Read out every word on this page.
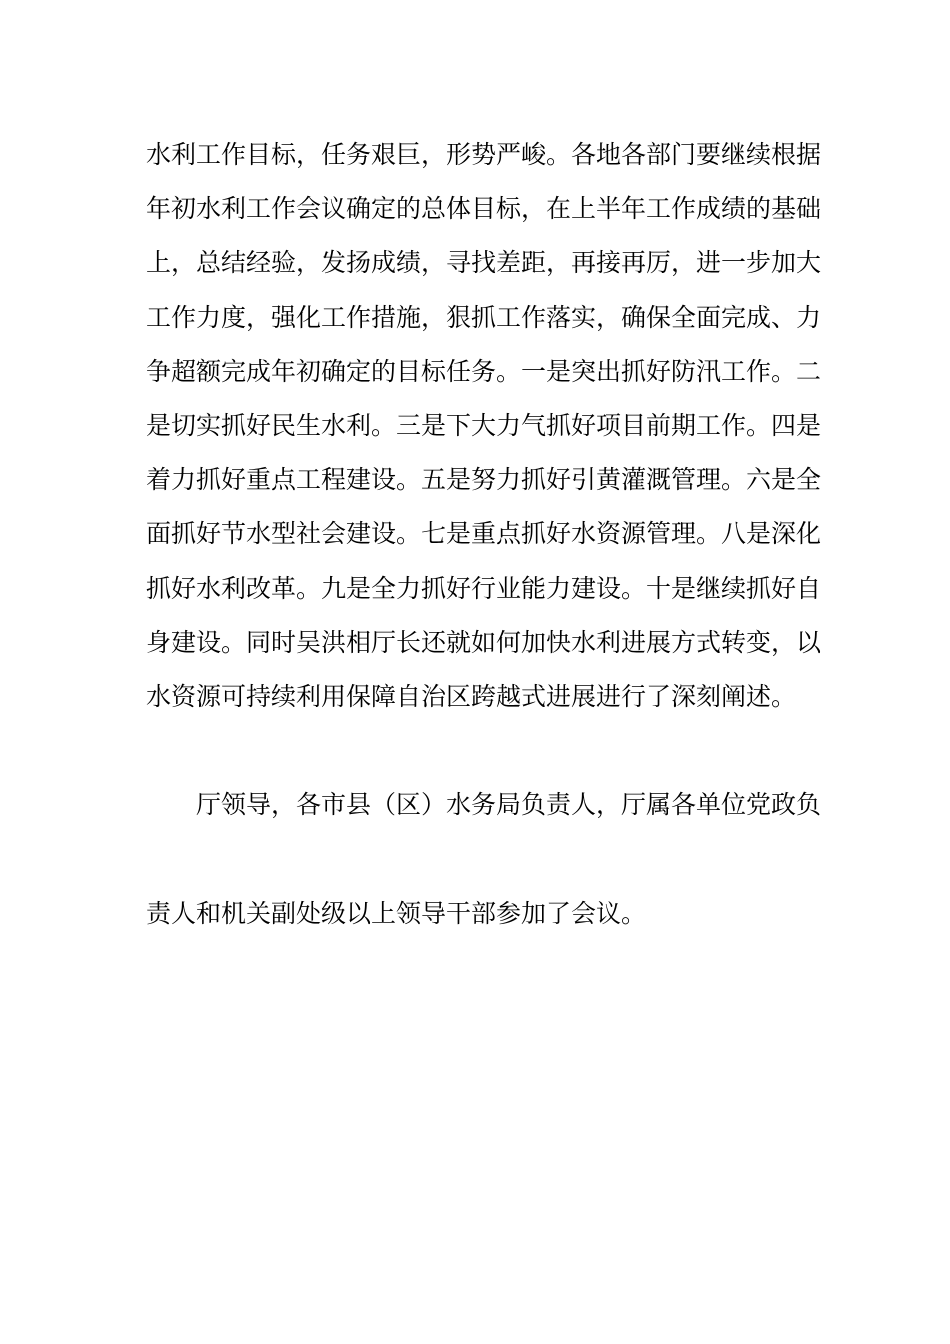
水利工作目标，任务艰巨，形势严峻。各地各部门要继续根据
年初水利工作会议确定的总体目标，在上半年工作成绩的基础
上，总结经验，发扬成绩，寻找差距，再接再厉，进一步加大
工作力度，强化工作措施，狠抓工作落实，确保全面完成、力
争超额完成年初确定的目标任务。一是突出抓好防汛工作。二
是切实抓好民生水利。三是下大力气抓好项目前期工作。四是
着力抓好重点工程建设。五是努力抓好引黄灌溉管理。六是全
面抓好节水型社会建设。七是重点抓好水资源管理。八是深化
抓好水利改革。九是全力抓好行业能力建设。十是继续抓好自
身建设。同时吴洪相厅长还就如何加快水利进展方式转变，以
水资源可持续利用保障自治区跨越式进展进行了深刻阐述。
厅领导，各市县（区）水务局负责人，厅属各单位党政负
责人和机关副处级以上领导干部参加了会议。
